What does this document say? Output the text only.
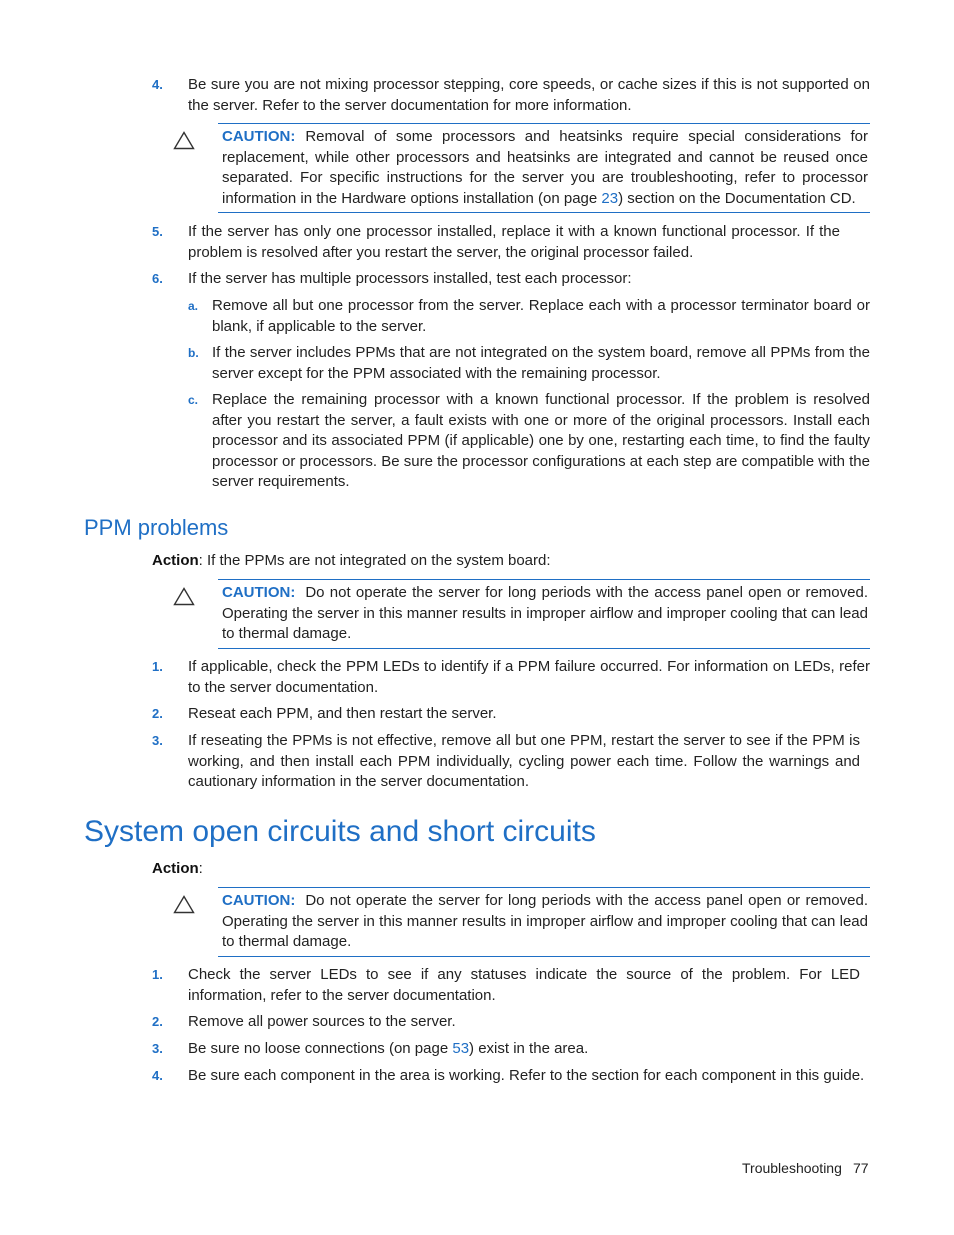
4. Be sure you are not mixing processor stepping, core speeds, or cache sizes if this is not supported on the server. Refer to the server documentation for more information.
CAUTION: Removal of some processors and heatsinks require special considerations for replacement, while other processors and heatsinks are integrated and cannot be reused once separated. For specific instructions for the server you are troubleshooting, refer to processor information in the Hardware options installation (on page 23) section on the Documentation CD.
5. If the server has only one processor installed, replace it with a known functional processor. If the problem is resolved after you restart the server, the original processor failed.
6. If the server has multiple processors installed, test each processor:
a. Remove all but one processor from the server. Replace each with a processor terminator board or blank, if applicable to the server.
b. If the server includes PPMs that are not integrated on the system board, remove all PPMs from the server except for the PPM associated with the remaining processor.
c. Replace the remaining processor with a known functional processor. If the problem is resolved after you restart the server, a fault exists with one or more of the original processors. Install each processor and its associated PPM (if applicable) one by one, restarting each time, to find the faulty processor or processors. Be sure the processor configurations at each step are compatible with the server requirements.
PPM problems
Action: If the PPMs are not integrated on the system board:
CAUTION: Do not operate the server for long periods with the access panel open or removed. Operating the server in this manner results in improper airflow and improper cooling that can lead to thermal damage.
1. If applicable, check the PPM LEDs to identify if a PPM failure occurred. For information on LEDs, refer to the server documentation.
2. Reseat each PPM, and then restart the server.
3. If reseating the PPMs is not effective, remove all but one PPM, restart the server to see if the PPM is working, and then install each PPM individually, cycling power each time. Follow the warnings and cautionary information in the server documentation.
System open circuits and short circuits
Action:
CAUTION: Do not operate the server for long periods with the access panel open or removed. Operating the server in this manner results in improper airflow and improper cooling that can lead to thermal damage.
1. Check the server LEDs to see if any statuses indicate the source of the problem. For LED information, refer to the server documentation.
2. Remove all power sources to the server.
3. Be sure no loose connections (on page 53) exist in the area.
4. Be sure each component in the area is working. Refer to the section for each component in this guide.
Troubleshooting 77
